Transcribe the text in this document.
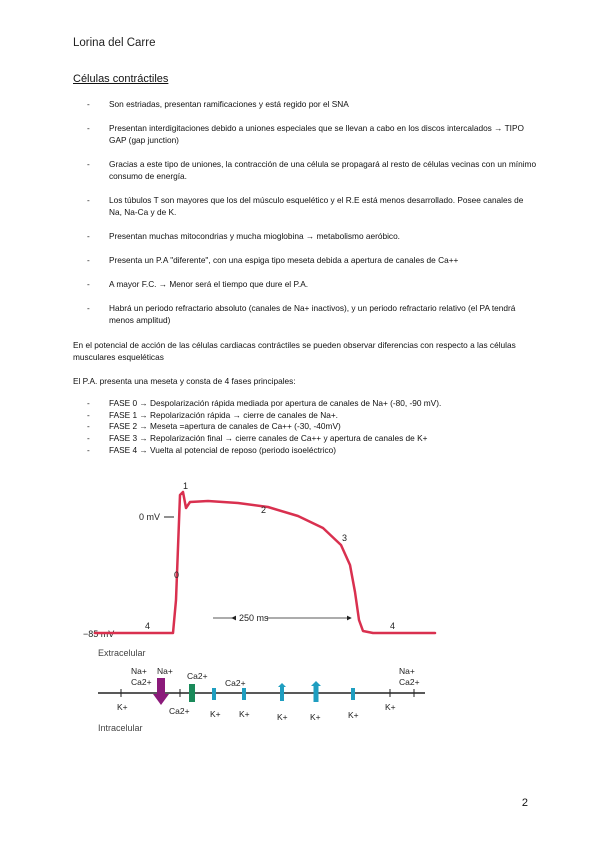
Lorina del Carre
Células contráctiles
- Son estriadas, presentan ramificaciones y está regido por el SNA
- Presentan interdigitaciones debido a uniones especiales que se llevan a cabo en los discos intercalados → TIPO GAP (gap junction)
- Gracias a este tipo de uniones, la contracción de una célula se propagará al resto de células vecinas con un mínimo consumo de energía.
- Los túbulos T son mayores que los del músculo esquelético y el R.E está menos desarrollado. Posee canales de Na, Na-Ca y de K.
- Presentan muchas mitocondrias y mucha mioglobina → metabolismo aeróbico.
- Presenta un P.A "diferente", con una espiga tipo meseta debida a apertura de canales de Ca++
- A mayor F.C. → Menor será el tiempo que dure el P.A.
- Habrá un periodo refractario absoluto (canales de Na+ inactivos), y un periodo refractario relativo (el PA tendrá menos amplitud)
En el potencial de acción de las células cardiacas contráctiles se pueden observar diferencias con respecto a las células musculares esqueléticas
El P.A. presenta una meseta y consta de 4 fases principales:
- FASE 0 → Despolarización rápida mediada por apertura de canales de Na+ (-80, -90 mV).
- FASE 1 → Repolarización rápida → cierre de canales de Na+.
- FASE 2 → Meseta =apertura de canales de Ca++ (-30, -40mV)
- FASE 3 → Repolarización final → cierre canales de Ca++ y apertura de canales de K+
- FASE 4 → Vuelta al potencial de reposo (periodo isoeléctrico)
0 mV
−85 mV
1
2
3
0
4	4
250 ms
Extracelular
Intracelular
Na+
Ca2+
Na+ Ca2+
Ca2+
Na+
Ca2+
K+	Ca2+ K+ K+	K+	K+	K+
K+
2
